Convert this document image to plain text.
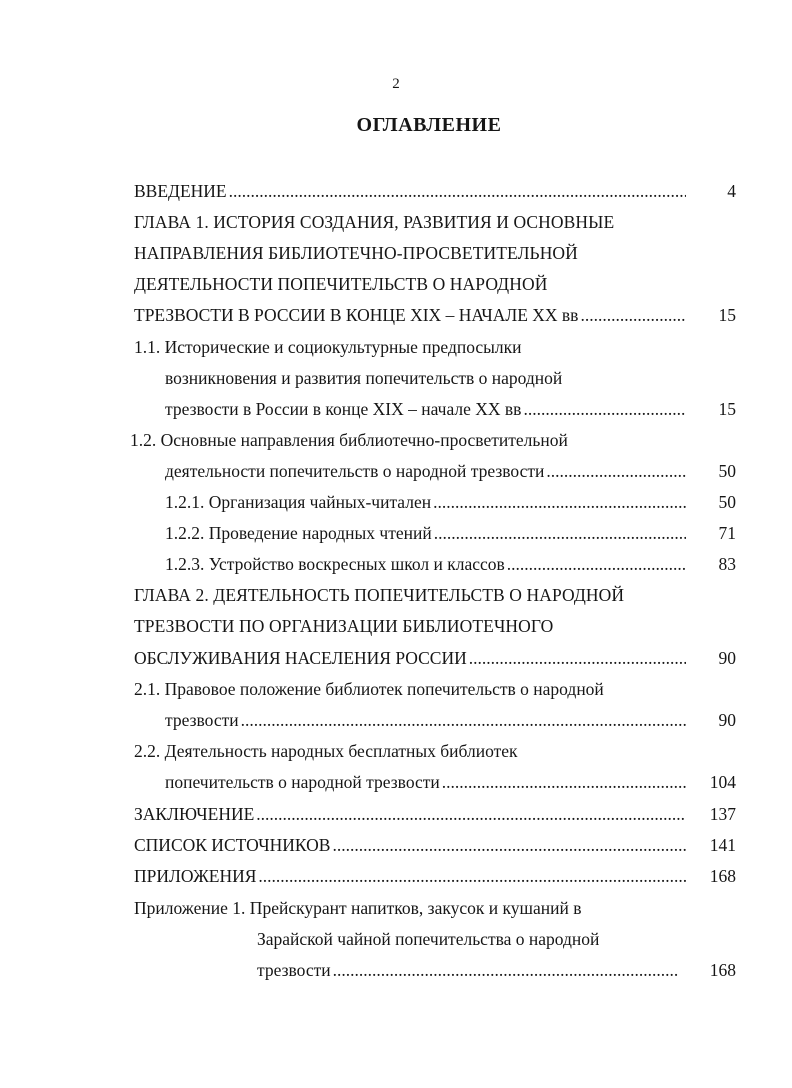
2
ОГЛАВЛЕНИЕ
ВВЕДЕНИЕ .....	4
ГЛАВА 1. ИСТОРИЯ СОЗДАНИЯ, РАЗВИТИЯ И ОСНОВНЫЕ
НАПРАВЛЕНИЯ БИБЛИОТЕЧНО-ПРОСВЕТИТЕЛЬНОЙ
ДЕЯТЕЛЬНОСТИ ПОПЕЧИТЕЛЬСТВ О НАРОДНОЙ
ТРЕЗВОСТИ В РОССИИ В КОНЦЕ XIX – НАЧАЛЕ XX вв .....	15
1.1. Исторические и социокультурные предпосылки
возникновения и развития попечительств о народной
трезвости в России в конце XIX – начале XX вв .....	15
1.2. Основные направления библиотечно-просветительной
деятельности попечительств о народной трезвости .....	50
1.2.1. Организация чайных-читален .....	50
1.2.2. Проведение народных чтений .....	71
1.2.3. Устройство воскресных школ и классов .....	83
ГЛАВА 2. ДЕЯТЕЛЬНОСТЬ ПОПЕЧИТЕЛЬСТВ О НАРОДНОЙ
ТРЕЗВОСТИ ПО ОРГАНИЗАЦИИ БИБЛИОТЕЧНОГО
ОБСЛУЖИВАНИЯ НАСЕЛЕНИЯ РОССИИ .....	90
2.1. Правовое положение библиотек попечительств о народной
трезвости .....	90
2.2. Деятельность народных бесплатных библиотек
попечительств о народной трезвости .....	104
ЗАКЛЮЧЕНИЕ .....	137
СПИСОК ИСТОЧНИКОВ .....	141
ПРИЛОЖЕНИЯ .....	168
Приложение 1. Прейскурант напитков, закусок и кушаний в
Зарайской чайной попечительства о народной
трезвости .....	168
